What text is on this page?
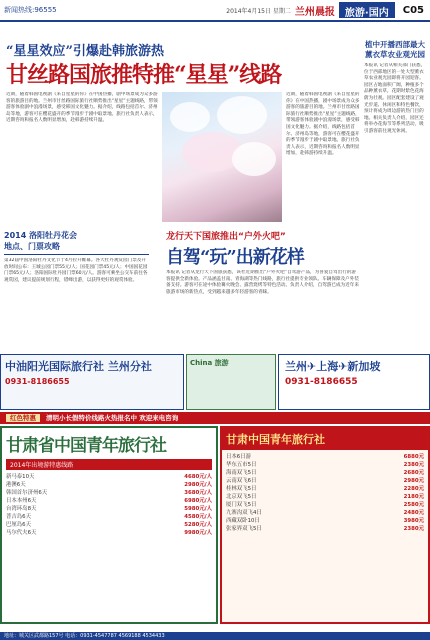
新闻热线:96555	2014年4月15日 星期二 兰州晨报	旅游·国内	C05
“星星效应”引爆赴韩旅游热
甘丝路国旅推特推“星星”线路
近期，随着韩国电视剧《来自星星的你》在中国热播，剧中场景成为众多游客的旅游目的地。兰州市甘丝路国际旅行社顺势推出“星星”主题线路，带领游客体验剧中浪漫场景，感受韩国文化魅力。据介绍，线路包括首尔、济州岛等地，游客可在樱花盛开的季节漫步于剧中取景地。旅行社负责人表示，近期咨询和报名人数明显增加，赴韩游持续升温。
近期，随着韩国电视剧《来自星星的你》在中国热播，剧中场景成为众多游客的旅游目的地。兰州市甘丝路国际旅行社顺势推出“星星”主题线路，带领游客体验剧中浪漫场景，感受韩国文化魅力。据介绍，线路包括首尔、济州岛等地，游客可在樱花盛开的季节漫步于剧中取景地。旅行社负责人表示，近期咨询和报名人数明显增加，赴韩游持续升温。
植中开播西部最大薰衣草农业观光园
本报讯 记者从相关部门获悉，位于西部地区的一处大型薰衣草农业观光园即将开园迎客。园区占地面积广阔，种植多个品种薰衣草，花期时紫色花海蔚为壮观。园区配套建设了观光步道、休闲区和特色餐饮，预计将成为周边游的热门目的地。相关负责人介绍，园区还将举办花海节等系列活动，吸引游客前往观光休闲。
2014 洛阳牡丹花会
地点、门票攻略
第32届中国洛阳牡丹文化节于4月拉开帷幕。各大牡丹观赏园门票及开放时间公布：王城公园门票55元/人；国花园门票45元/人；中国国花园门票65元/人；洛阳国际牡丹园门票60元/人。游客可乘坐公交车前往各观赏园，建议提前规划行程，错峰出游，以获得更好的观赏体验。
龙行天下国旅推出“户外火吧”
自驾“玩”出新花样
本报讯 记者从龙行天下国旅获悉，该社近期推出“户外火吧”自驾游产品，为喜爱自驾出行的游客提供全新体验。产品涵盖甘南、青海湖等热门线路，旅行社提供专业领队、车辆保障及户外装备支持。游客可在途中体验篝火晚会、露营烧烤等特色活动。负责人介绍，自驾游已成为近年来旅游市场的新热点，受到越来越多年轻游客的青睐。
中油阳光国际旅行社 兰州分社
0931-8186655
China 旅游	兰州✈上海✈新加坡
0931-8186655
红色特惠 清明小长假特价线路火热报名中 欢迎来电咨询
甘肃省中国青年旅行社
2014年出境游特惠线路
新马泰10天	4680元/人
港澳6天	2980元/人
韩国首尔济州6天	3680元/人
日本本州6天	6980元/人
台湾环岛8天	5980元/人
普吉岛6天	4580元/人
巴厘岛6天	5280元/人
马尔代夫6天	9980元/人
甘肃中国青年旅行社
日本6日游	6880元
华东五市5日	2380元
海南双飞5日	2680元
云南双飞6日	2980元
桂林双飞5日	2280元
北京双飞5日	2180元
厦门双飞5日	2580元
九寨沟双飞4日	2480元
西藏双卧10日	3980元
张家界双飞5日	2380元
地址：城关区武都路157号 电话：0931-4547787 4569188 4534433
